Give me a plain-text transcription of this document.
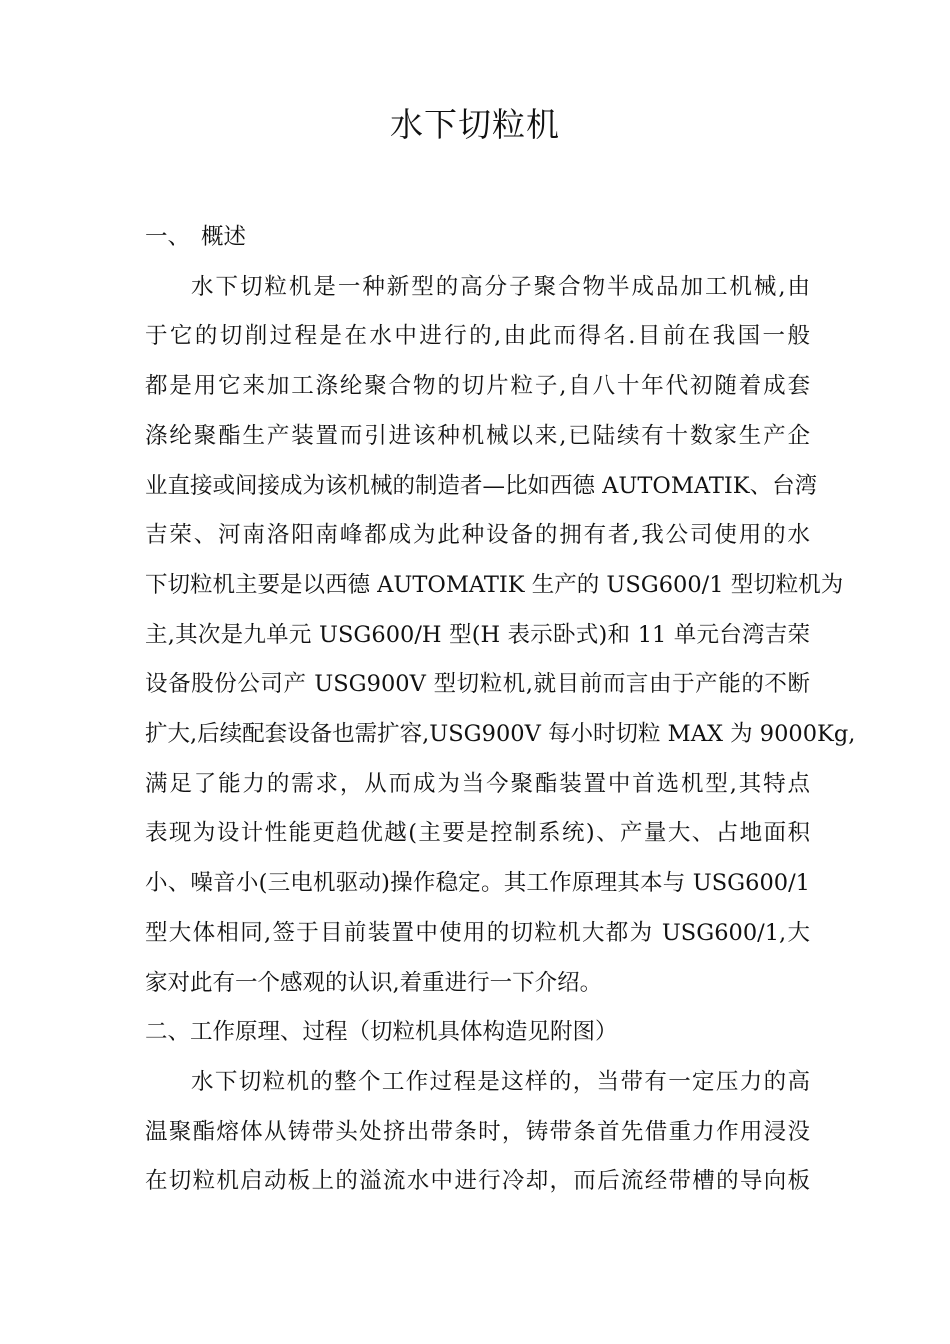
水下切粒机
一、 概述
水下切粒机是一种新型的高分子聚合物半成品加工机械,由
于它的切削过程是在水中进行的,由此而得名.目前在我国一般
都是用它来加工涤纶聚合物的切片粒子,自八十年代初随着成套
涤纶聚酯生产装置而引进该种机械以来,已陆续有十数家生产企
业直接或间接成为该机械的制造者—比如西德 AUTOMATIK、台湾
吉荣、河南洛阳南峰都成为此种设备的拥有者,我公司使用的水
下切粒机主要是以西德 AUTOMATIK 生产的 USG600/1 型切粒机为
主,其次是九单元 USG600/H 型(H 表示卧式)和 11 单元台湾吉荣
设备股份公司产 USG900V 型切粒机,就目前而言由于产能的不断
扩大,后续配套设备也需扩容,USG900V 每小时切粒 MAX 为 9000Kg,
满足了能力的需求，从而成为当今聚酯装置中首选机型,其特点
表现为设计性能更趋优越(主要是控制系统)、产量大、占地面积
小、噪音小(三电机驱动)操作稳定。其工作原理其本与 USG600/1
型大体相同,签于目前装置中使用的切粒机大都为 USG600/1,大
家对此有一个感观的认识,着重进行一下介绍。
二、工作原理、过程（切粒机具体构造见附图）
水下切粒机的整个工作过程是这样的，当带有一定压力的高
温聚酯熔体从铸带头处挤出带条时，铸带条首先借重力作用浸没
在切粒机启动板上的溢流水中进行冷却，而后流经带槽的导向板
